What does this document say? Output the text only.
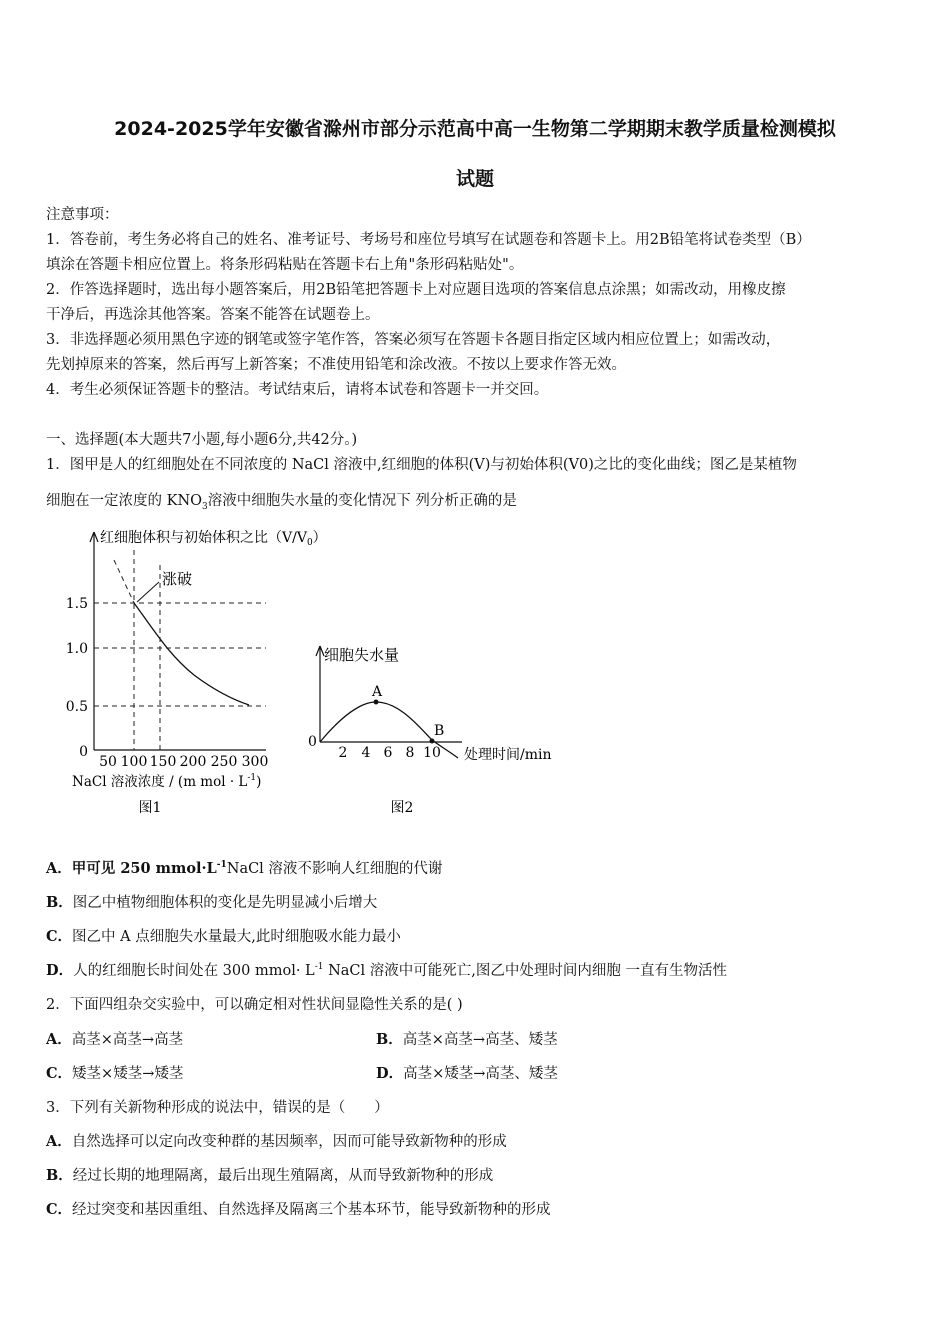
2024-2025学年安徽省滁州市部分示范高中高一生物第二学期期末教学质量检测模拟
试题
注意事项：
1．答卷前，考生务必将自己的姓名、准考证号、考场号和座位号填写在试题卷和答题卡上。用2B铅笔将试卷类型（B）
填涂在答题卡相应位置上。将条形码粘贴在答题卡右上角"条形码粘贴处"。
2．作答选择题时，选出每小题答案后，用2B铅笔把答题卡上对应题目选项的答案信息点涂黑；如需改动，用橡皮擦
干净后，再选涂其他答案。答案不能答在试题卷上。
3．非选择题必须用黑色字迹的钢笔或签字笔作答，答案必须写在答题卡各题目指定区域内相应位置上；如需改动，
先划掉原来的答案，然后再写上新答案；不准使用铅笔和涂改液。不按以上要求作答无效。
4．考生必须保证答题卡的整洁。考试结束后，请将本试卷和答题卡一并交回。
一、选择题(本大题共7小题,每小题6分,共42分。)
1．图甲是人的红细胞处在不同浓度的 NaCl 溶液中,红细胞的体积(V)与初始体积(V0)之比的变化曲线；图乙是某植物
细胞在一定浓度的 $KNO_3$溶液中细胞失水量的变化情况下 列分析正确的是
涨破
红细胞体积与初始体积之比$(V/V_0)$
1.5
1.0
0.5
0
50 100 150 200 250 300
NaCl 溶液浓度 / (m mol · $L^{-1}$)
图1
A
B
细胞失水量
0
2 4 6 8 10 处理时间/min
图2
A．甲可见 250 $mmol\cdot L^{-1}NaCl$ 溶液不影响人红细胞的代谢
B．图乙中植物细胞体积的变化是先明显减小后增大
C．图乙中 A 点细胞失水量最大,此时细胞吸水能力最小
D．人的红细胞长时间处在 300 mmol· $L^{-1}$ NaCl 溶液中可能死亡,图乙中处理时间内细胞 一直有生物活性
2．下面四组杂交实验中，可以确定相对性状间显隐性关系的是( )
A．高茎×高茎→高茎	B．高茎×高茎→高茎、矮茎
C．矮茎×矮茎→矮茎	D．高茎×矮茎→高茎、矮茎
3．下列有关新物种形成的说法中，错误的是（　　）
A．自然选择可以定向改变种群的基因频率，因而可能导致新物种的形成
B．经过长期的地理隔离，最后出现生殖隔离，从而导致新物种的形成
C．经过突变和基因重组、自然选择及隔离三个基本环节，能导致新物种的形成
